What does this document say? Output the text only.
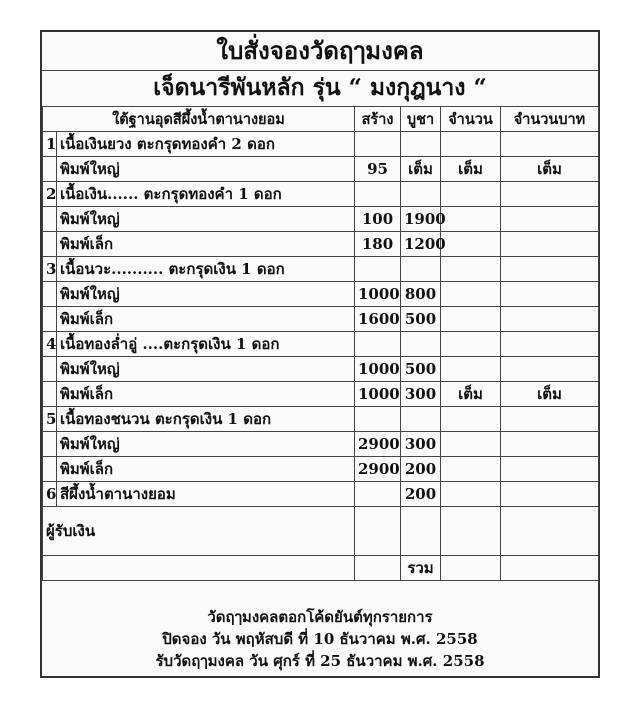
ใบสั่งจองวัดฤๅมงคล
เจ็ดนารีพันหลัก รุ่น “ มงกุฎนาง “
ใต้ฐานอุดสีผึ้งน้ำตานางยอม		สร้าง	บูชา	จำนวน	จำนวนบาท
1	เนื้อเงินยวง ตะกรุดทองคำ 2 ดอก				
	พิมพ์ใหญ่	95	เต็ม	เต็ม	เต็ม
2	เนื้อเงิน...... ตะกรุดทองคำ 1 ดอก				
	พิมพ์ใหญ่	100	1900		
	พิมพ์เล็ก	180	1200		
3	เนื้อนวะ.......... ตะกรุดเงิน 1 ดอก				
	พิมพ์ใหญ่	1000	800		
	พิมพ์เล็ก	1600	500		
4	เนื้อทองล่ำอู่ ....ตะกรุดเงิน 1 ดอก				
	พิมพ์ใหญ่	1000	500		
	พิมพ์เล็ก	1000	300	เต็ม	เต็ม
5	เนื้อทองชนวน ตะกรุดเงิน 1 ดอก				
	พิมพ์ใหญ่	2900	300		
	พิมพ์เล็ก	2900	200		
6	สีผึ้งน้ำตานางยอม		200		
ผู้รับเงิน					
			รวม		
วัดฤๅมงคลตอกโค้ดยันต์ทุกรายการ
ปิดจอง วัน พฤหัสบดี ที่ 10 ธันวาคม พ.ศ. 2558
รับวัดฤๅมงคล วัน ศุกร์ ที่ 25 ธันวาคม พ.ศ. 2558
